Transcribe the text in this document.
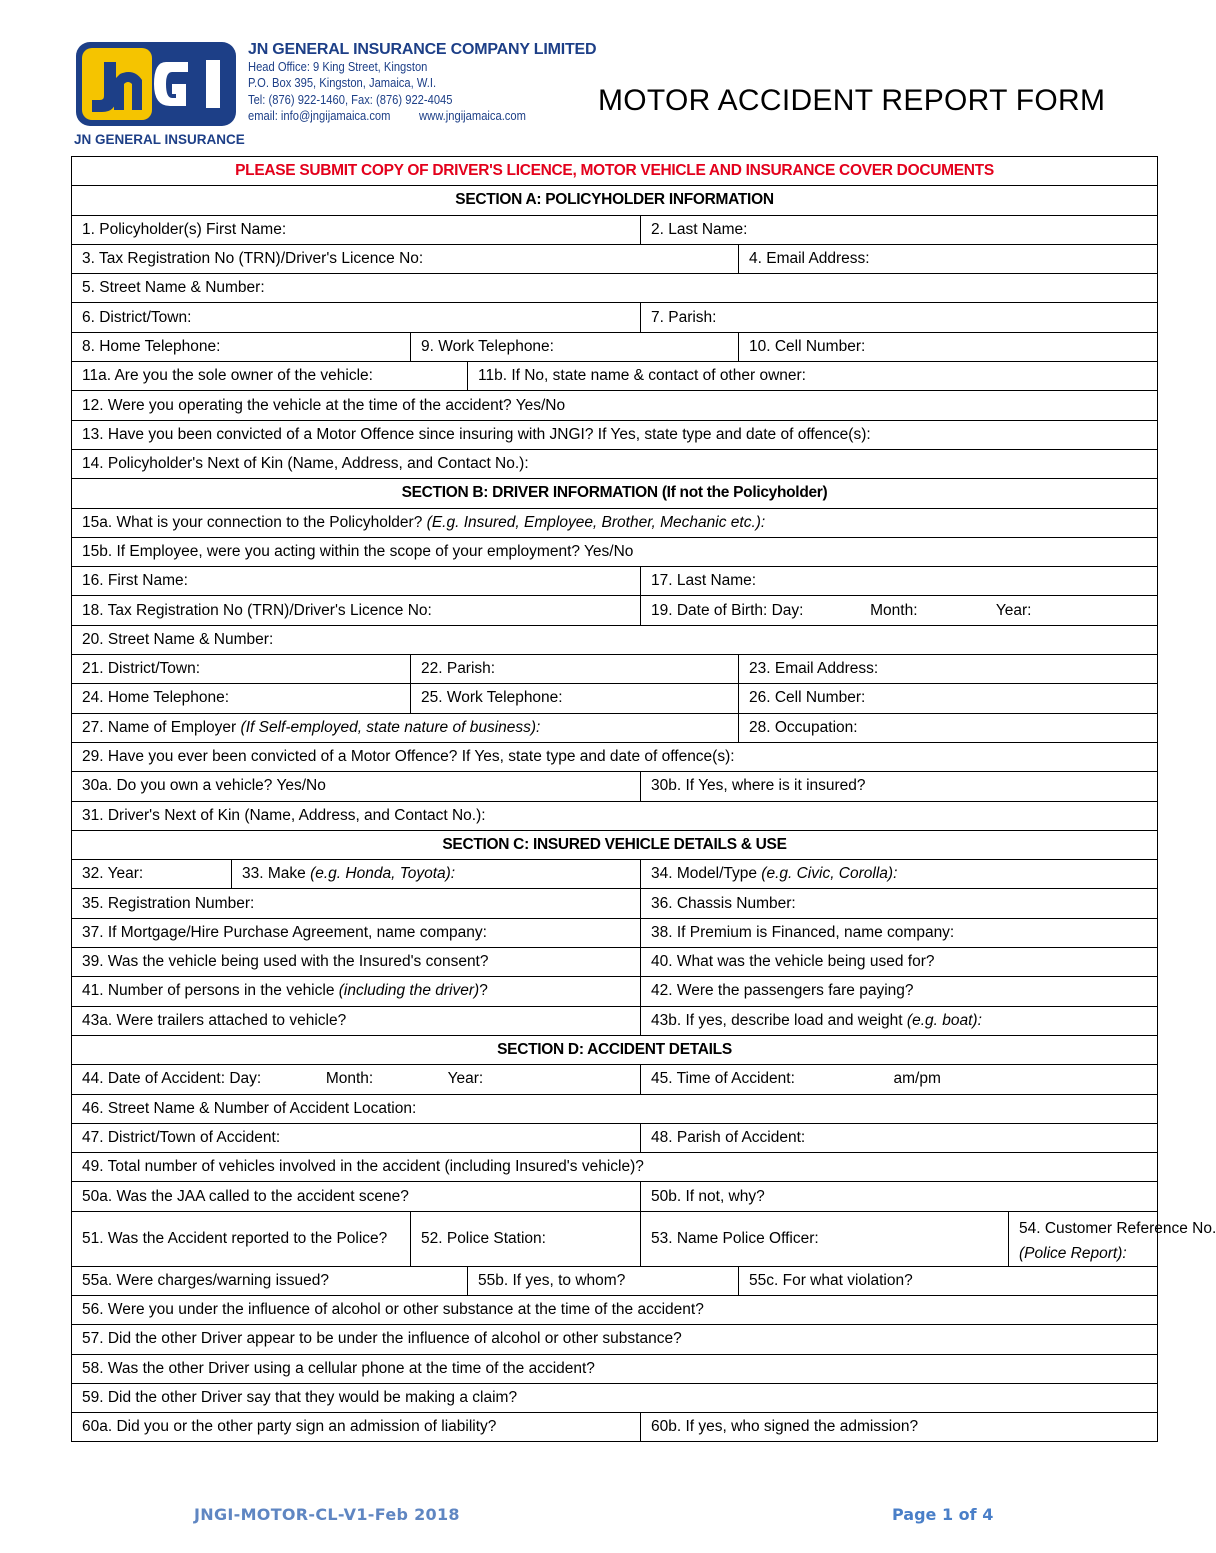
JN GENERAL INSURANCE
JN GENERAL INSURANCE COMPANY LIMITED
Head Office: 9 King Street, Kingston
P.O. Box 395, Kingston, Jamaica, W.I.
Tel: (876) 922-1460, Fax: (876) 922-4045
email: info@jngijamaica.com www.jngijamaica.com	MOTOR ACCIDENT REPORT FORM
PLEASE SUBMIT COPY OF DRIVER'S LICENCE, MOTOR VEHICLE AND INSURANCE COVER DOCUMENTS						
SECTION A: POLICYHOLDER INFORMATION						
1. Policyholder(s) First Name:				2. Last Name:		
3. Tax Registration No (TRN)/Driver's Licence No:					4. Email Address:	
5. Street Name & Number:						
6. District/Town:				7. Parish:		
8. Home Telephone:		9. Work Telephone:			10. Cell Number:	
11a. Are you the sole owner of the vehicle:			11b. If No, state name & contact of other owner:			
12. Were you operating the vehicle at the time of the accident? Yes/No						
13. Have you been convicted of a Motor Offence since insuring with JNGI? If Yes, state type and date of offence(s):						
14. Policyholder's Next of Kin (Name, Address, and Contact No.):						
SECTION B: DRIVER INFORMATION (If not the Policyholder)						
15a. What is your connection to the Policyholder? (E.g. Insured, Employee, Brother, Mechanic etc.):						
15b. If Employee, were you acting within the scope of your employment? Yes/No						
16. First Name:				17. Last Name:		
18. Tax Registration No (TRN)/Driver's Licence No:				19. Date of Birth: Day: Month: Year:		
20. Street Name & Number:						
21. District/Town:		22. Parish:			23. Email Address:	
24. Home Telephone:		25. Work Telephone:			26. Cell Number:	
27. Name of Employer (If Self-employed, state nature of business):					28. Occupation:	
29. Have you ever been convicted of a Motor Offence? If Yes, state type and date of offence(s):						
30a. Do you own a vehicle? Yes/No				30b. If Yes, where is it insured?		
31. Driver's Next of Kin (Name, Address, and Contact No.):						
SECTION C: INSURED VEHICLE DETAILS & USE						
32. Year:	33. Make (e.g. Honda, Toyota):			34. Model/Type (e.g. Civic, Corolla):		
35. Registration Number:				36. Chassis Number:		
37. If Mortgage/Hire Purchase Agreement, name company:				38. If Premium is Financed, name company:		
39. Was the vehicle being used with the Insured's consent?				40. What was the vehicle being used for?		
41. Number of persons in the vehicle (including the driver)?				42. Were the passengers fare paying?		
43a. Were trailers attached to vehicle?				43b. If yes, describe load and weight (e.g. boat):		
SECTION D: ACCIDENT DETAILS						
44. Date of Accident: Day: Month: Year:				45. Time of Accident: am/pm		
46. Street Name & Number of Accident Location:						
47. District/Town of Accident:				48. Parish of Accident:		
49. Total number of vehicles involved in the accident (including Insured's vehicle)?						
50a. Was the JAA called to the accident scene?				50b. If not, why?		
51. Was the Accident reported to the Police?		52. Police Station:		53. Name Police Officer:		54. Customer Reference No.
(Police Report):
55a. Were charges/warning issued?			55b. If yes, to whom?		55c. For what violation?	
56. Were you under the influence of alcohol or other substance at the time of the accident?						
57. Did the other Driver appear to be under the influence of alcohol or other substance?						
58. Was the other Driver using a cellular phone at the time of the accident?						
59. Did the other Driver say that they would be making a claim?						
60a. Did you or the other party sign an admission of liability?				60b. If yes, who signed the admission?		
JNGI-MOTOR-CL-V1-Feb 2018	Page 1 of 4
